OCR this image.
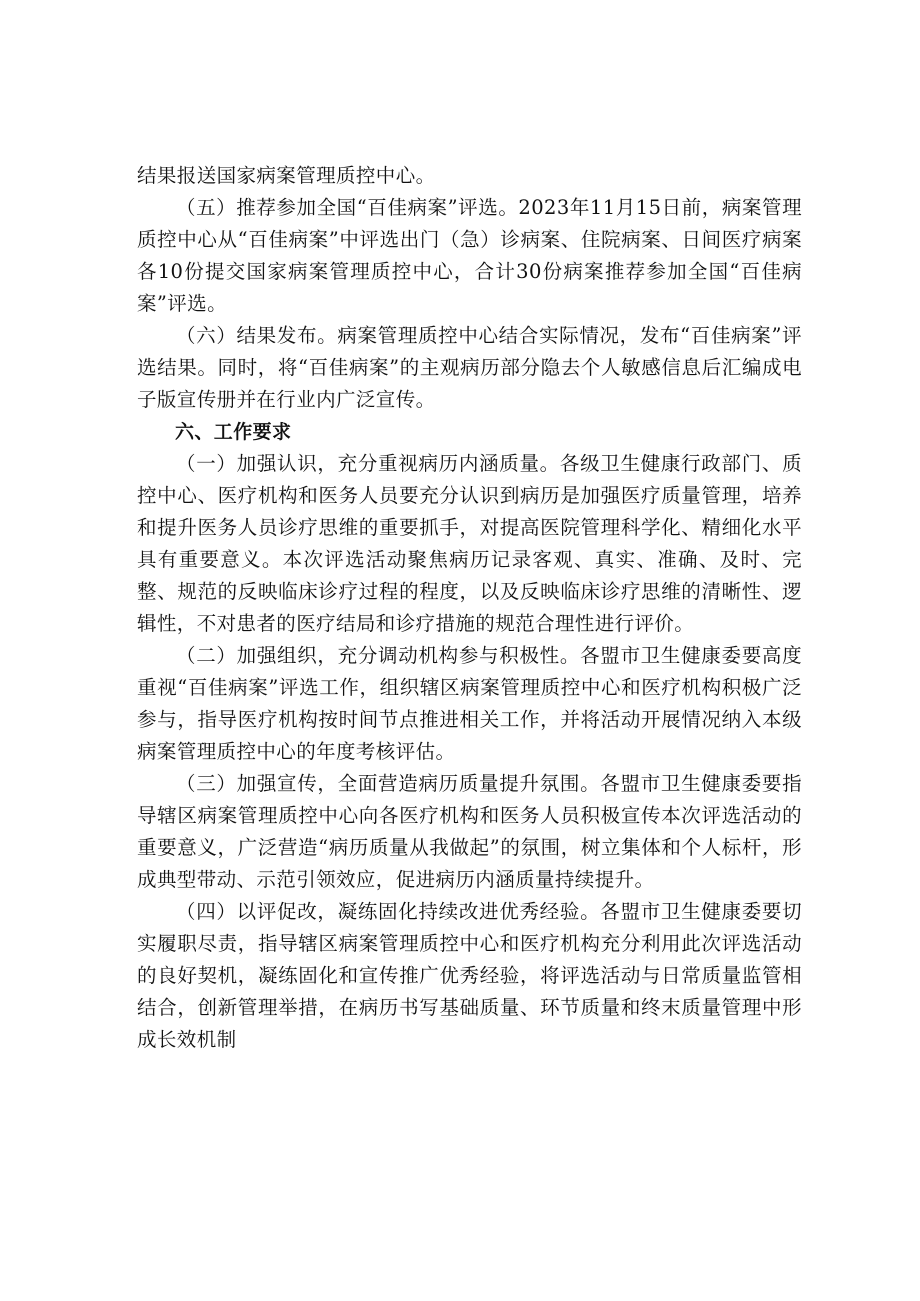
结果报送国家病案管理质控中心。

（五）推荐参加全国“百佳病案”评选。2023年11月15日前，病案管理质控中心从“百佳病案”中评选出门（急）诊病案、住院病案、日间医疗病案各10份提交国家病案管理质控中心，合计30份病案推荐参加全国“百佳病案”评选。

（六）结果发布。病案管理质控中心结合实际情况，发布“百佳病案”评选结果。同时，将“百佳病案”的主观病历部分隐去个人敏感信息后汇编成电子版宣传册并在行业内广泛宣传。

六、工作要求

（一）加强认识，充分重视病历内涵质量。各级卫生健康行政部门、质控中心、医疗机构和医务人员要充分认识到病历是加强医疗质量管理，培养和提升医务人员诊疗思维的重要抓手，对提高医院管理科学化、精细化水平具有重要意义。本次评选活动聚焦病历记录客观、真实、准确、及时、完整、规范的反映临床诊疗过程的程度，以及反映临床诊疗思维的清晰性、逻辑性，不对患者的医疗结局和诊疗措施的规范合理性进行评价。

（二）加强组织，充分调动机构参与积极性。各盟市卫生健康委要高度重视“百佳病案”评选工作，组织辖区病案管理质控中心和医疗机构积极广泛参与，指导医疗机构按时间节点推进相关工作，并将活动开展情况纳入本级病案管理质控中心的年度考核评估。

（三）加强宣传，全面营造病历质量提升氛围。各盟市卫生健康委要指导辖区病案管理质控中心向各医疗机构和医务人员积极宣传本次评选活动的重要意义，广泛营造“病历质量从我做起”的氛围，树立集体和个人标杆，形成典型带动、示范引领效应，促进病历内涵质量持续提升。

（四）以评促改，凝练固化持续改进优秀经验。各盟市卫生健康委要切实履职尽责，指导辖区病案管理质控中心和医疗机构充分利用此次评选活动的良好契机，凝练固化和宣传推广优秀经验，将评选活动与日常质量监管相结合，创新管理举措，在病历书写基础质量、环节质量和终末质量管理中形成长效机制
